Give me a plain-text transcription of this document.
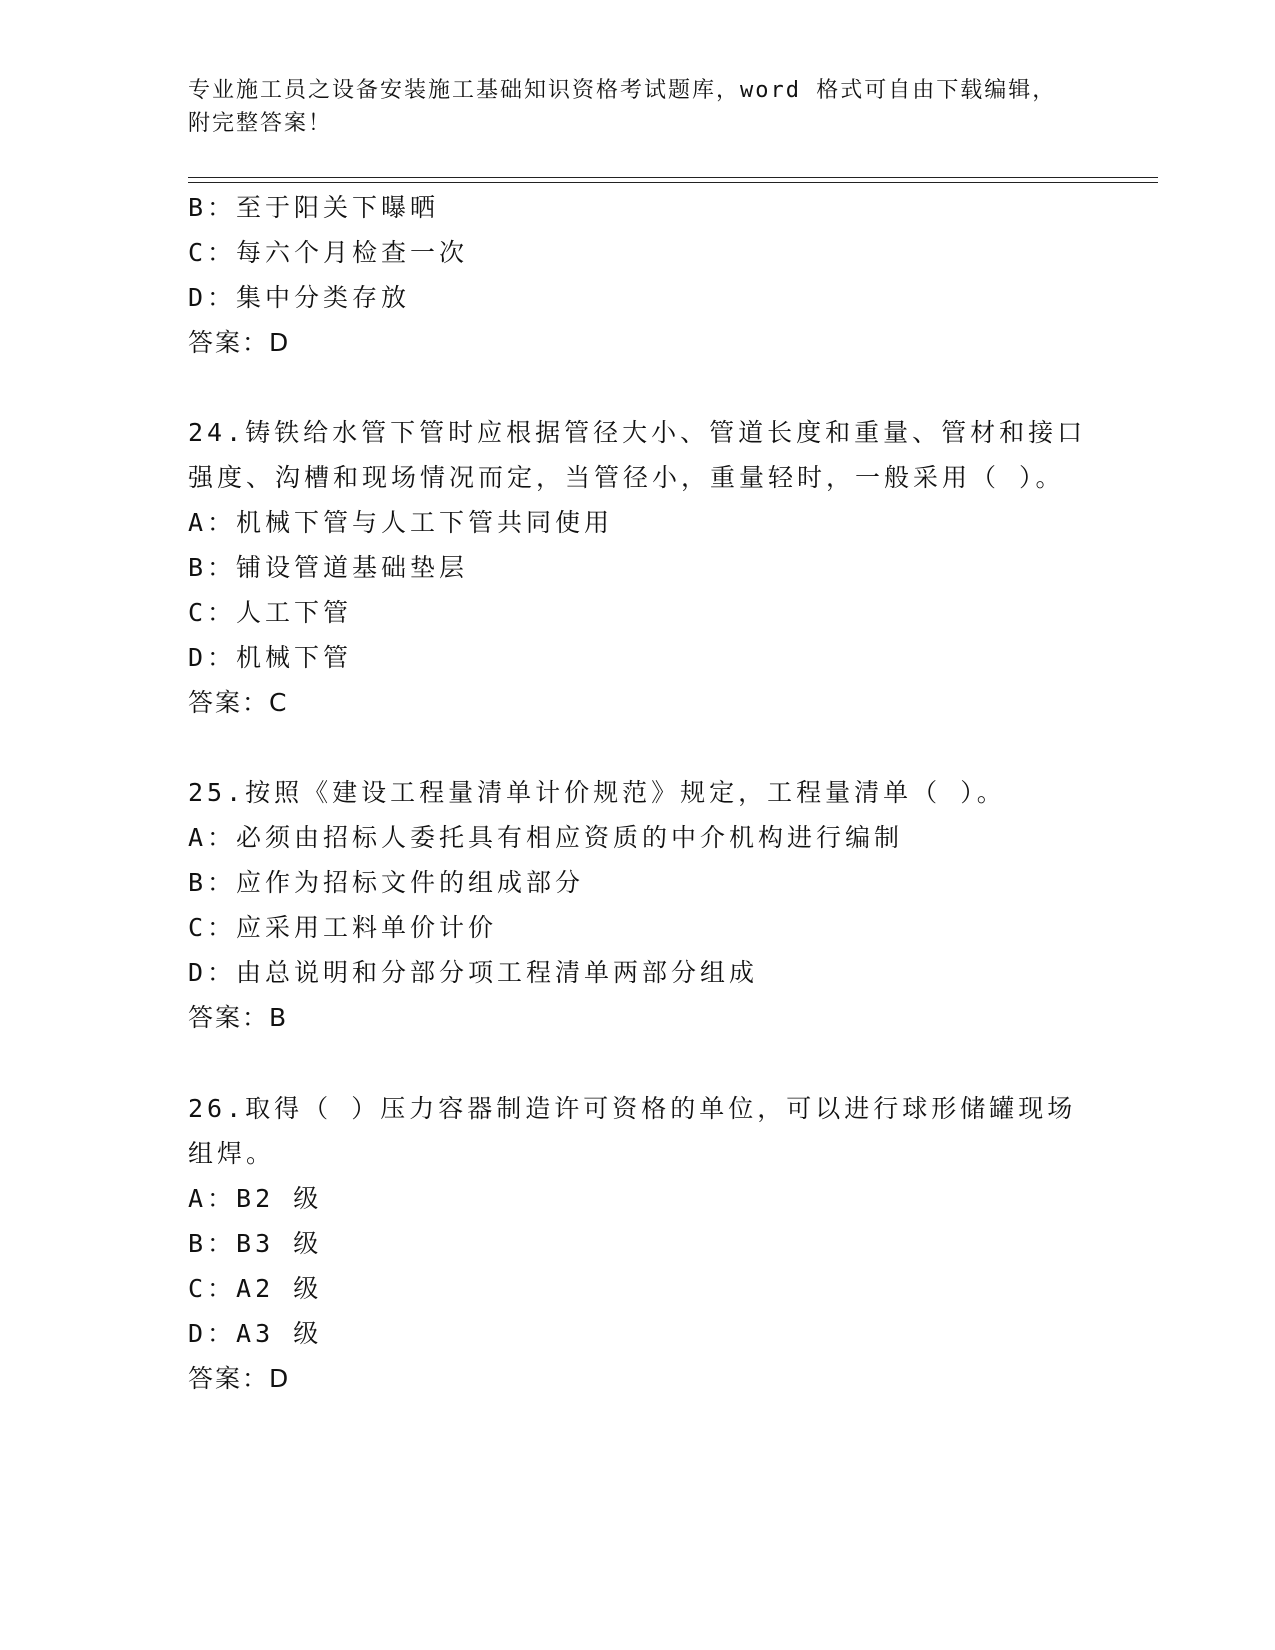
专业施工员之设备安装施工基础知识资格考试题库，word 格式可自由下载编辑，
附完整答案！
B：至于阳关下曝晒
C：每六个月检查一次
D：集中分类存放
答案：D
24.铸铁给水管下管时应根据管径大小、管道长度和重量、管材和接口
强度、沟槽和现场情况而定，当管径小，重量轻时，一般采用（ ）。
A：机械下管与人工下管共同使用
B：铺设管道基础垫层
C：人工下管
D：机械下管
答案：C
25.按照《建设工程量清单计价规范》规定，工程量清单（ ）。
A：必须由招标人委托具有相应资质的中介机构进行编制
B：应作为招标文件的组成部分
C：应采用工料单价计价
D：由总说明和分部分项工程清单两部分组成
答案：B
26.取得（ ）压力容器制造许可资格的单位，可以进行球形储罐现场
组焊。
A：B2 级
B：B3 级
C：A2 级
D：A3 级
答案：D
